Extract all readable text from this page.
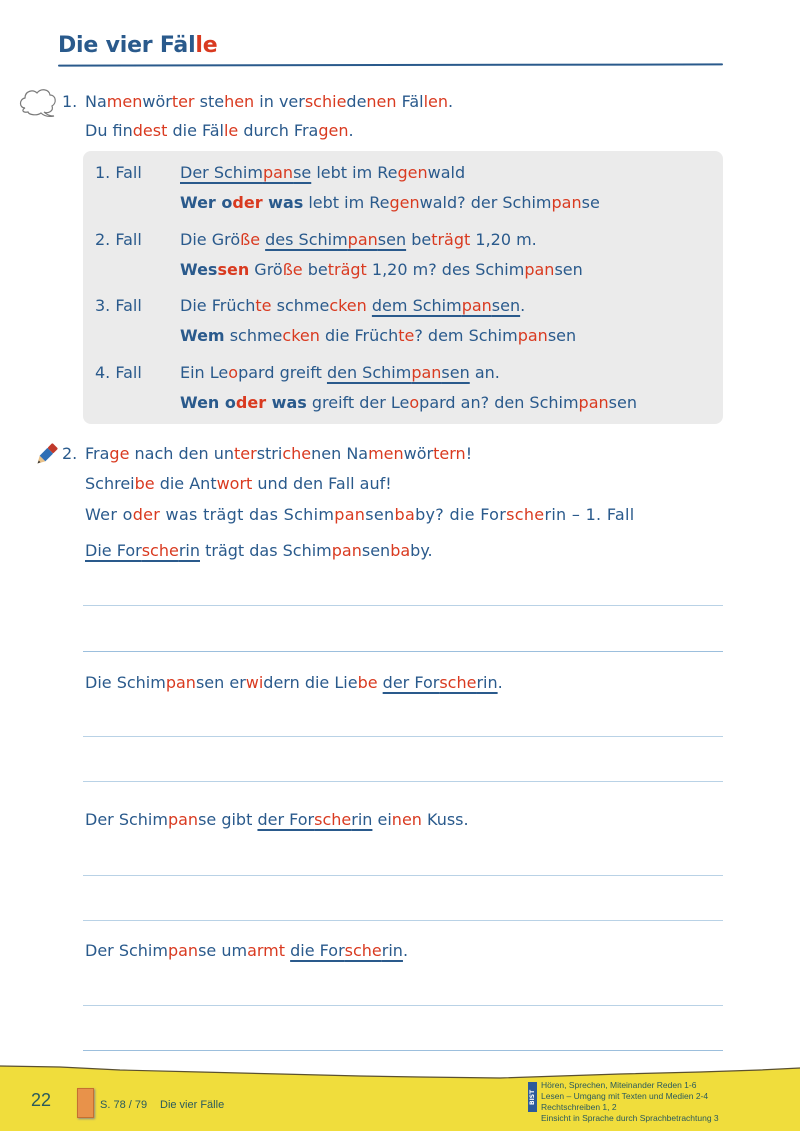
Die vier Fälle
1. Namenwörter stehen in verschiedenen Fällen.
Du findest die Fälle durch Fragen.
1. Fall Der Schimpanse lebt im Regenwald
Wer oder was lebt im Regenwald? der Schimpanse
2. Fall Die Größe des Schimpansen beträgt 1,20 m.
Wessen Größe beträgt 1,20 m? des Schimpansen
3. Fall Die Früchte schmecken dem Schimpansen.
Wem schmecken die Früchte? dem Schimpansen
4. Fall Ein Leopard greift den Schimpansen an.
Wen oder was greift der Leopard an? den Schimpansen
2. Frage nach den unterstrichenen Namenwörtern!
Schreibe die Antwort und den Fall auf!
Wer oder was trägt das Schimpansenbaby? die Forscherin – 1. Fall
Die Forscherin trägt das Schimpansenbaby.
Die Schimpansen erwidern die Liebe der Forscherin.
Der Schimpanse gibt der Forscherin einen Kuss.
Der Schimpanse umarmt die Forscherin.
22	S. 78 / 79 Die vier Fälle
BIST
Hören, Sprechen, Miteinander Reden 1-6
Lesen – Umgang mit Texten und Medien 2-4
Rechtschreiben 1, 2
Einsicht in Sprache durch Sprachbetrachtung 3
